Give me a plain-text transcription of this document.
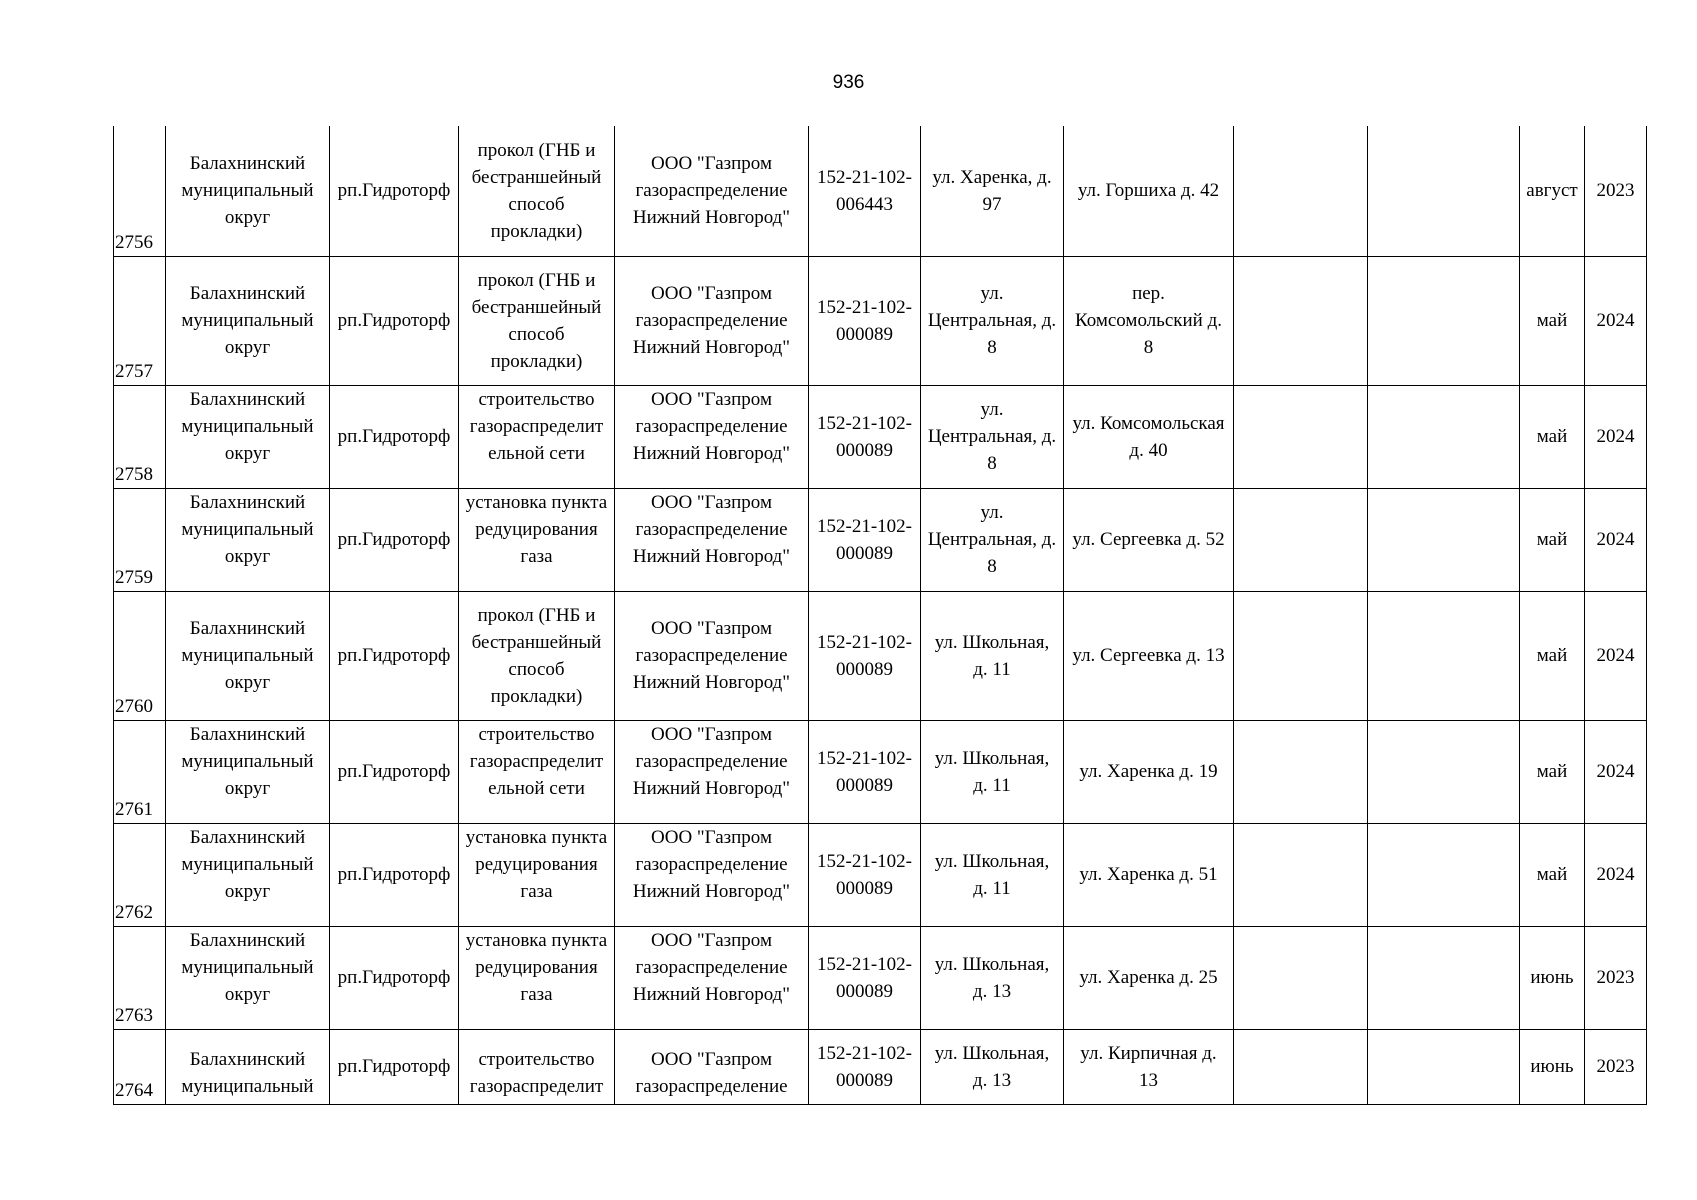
936
2756	Балахнинский
муниципальный
округ	рп.Гидроторф	прокол (ГНБ и
бестраншейный
способ
прокладки)	ООО "Газпром
газораспределение
Нижний Новгород"	152-21-102-
006443	ул. Харенка, д.
97	ул. Горшиха д. 42			август	2023
2757	Балахнинский
муниципальный
округ	рп.Гидроторф	прокол (ГНБ и
бестраншейный
способ
прокладки)	ООО "Газпром
газораспределение
Нижний Новгород"	152-21-102-
000089	ул.
Центральная, д.
8	пер.
Комсомольский д.
8			май	2024
2758	Балахнинский
муниципальный
округ	рп.Гидроторф	строительство
газораспределит
ельной сети	ООО "Газпром
газораспределение
Нижний Новгород"	152-21-102-
000089	ул.
Центральная, д.
8	ул. Комсомольская
д. 40			май	2024
2759	Балахнинский
муниципальный
округ	рп.Гидроторф	установка пункта
редуцирования
газа	ООО "Газпром
газораспределение
Нижний Новгород"	152-21-102-
000089	ул.
Центральная, д.
8	ул. Сергеевка д. 52			май	2024
2760	Балахнинский
муниципальный
округ	рп.Гидроторф	прокол (ГНБ и
бестраншейный
способ
прокладки)	ООО "Газпром
газораспределение
Нижний Новгород"	152-21-102-
000089	ул. Школьная,
д. 11	ул. Сергеевка д. 13			май	2024
2761	Балахнинский
муниципальный
округ	рп.Гидроторф	строительство
газораспределит
ельной сети	ООО "Газпром
газораспределение
Нижний Новгород"	152-21-102-
000089	ул. Школьная,
д. 11	ул. Харенка д. 19			май	2024
2762	Балахнинский
муниципальный
округ	рп.Гидроторф	установка пункта
редуцирования
газа	ООО "Газпром
газораспределение
Нижний Новгород"	152-21-102-
000089	ул. Школьная,
д. 11	ул. Харенка д. 51			май	2024
2763	Балахнинский
муниципальный
округ	рп.Гидроторф	установка пункта
редуцирования
газа	ООО "Газпром
газораспределение
Нижний Новгород"	152-21-102-
000089	ул. Школьная,
д. 13	ул. Харенка д. 25			июнь	2023
2764	Балахнинский
муниципальный	рп.Гидроторф	строительство
газораспределит	ООО "Газпром
газораспределение	152-21-102-
000089	ул. Школьная,
д. 13	ул. Кирпичная д.
13			июнь	2023
